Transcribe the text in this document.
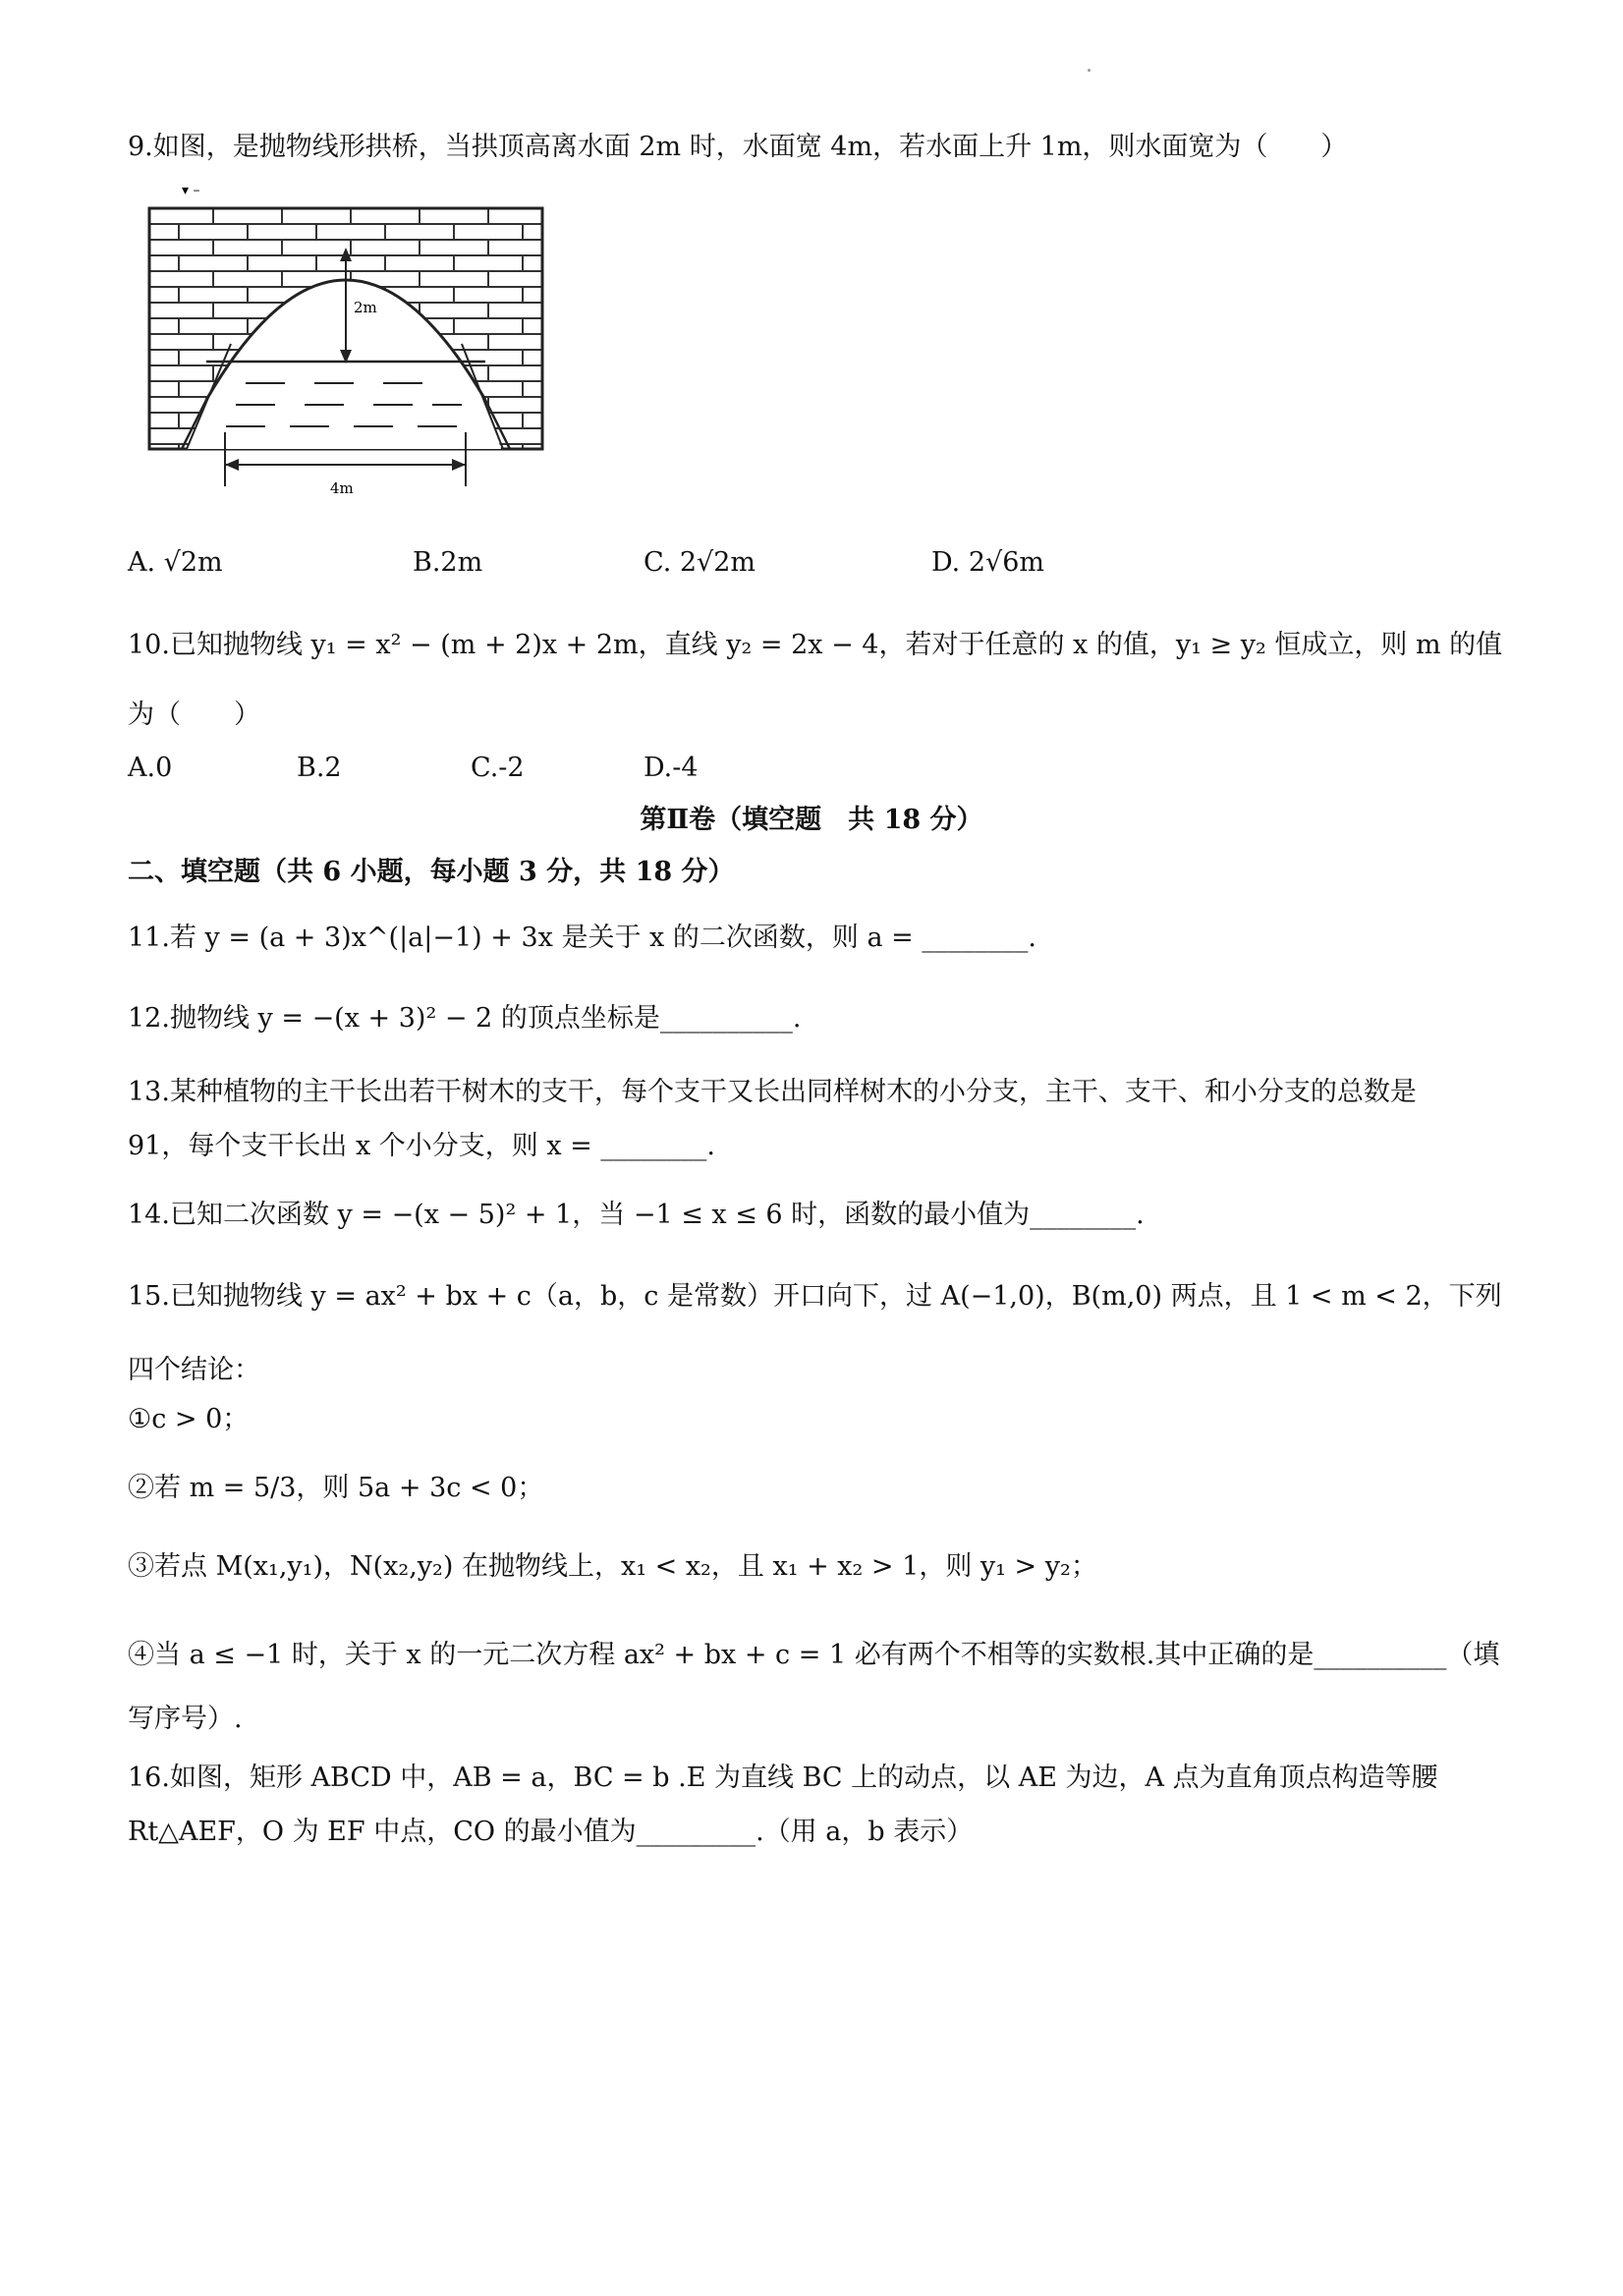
9.如图，是抛物线形拱桥，当拱顶高离水面 2m 时，水面宽 4m，若水面上升 1m，则水面宽为（　　）
▾ –
2m
4m
A. √2m	B.2m	C. 2√2m	D. 2√6m
10.已知抛物线 y₁ = x² − (m + 2)x + 2m，直线 y₂ = 2x − 4，若对于任意的 x 的值，y₁ ≥ y₂ 恒成立，则 m 的值
为（　　）
A.0	B.2	C.-2	D.-4
第Ⅱ卷（填空题　共 18 分）
二、填空题（共 6 小题，每小题 3 分，共 18 分）
11.若 y = (a + 3)x^(|a|−1) + 3x 是关于 x 的二次函数，则 a = ________.
12.抛物线 y = −(x + 3)² − 2 的顶点坐标是__________.
13.某种植物的主干长出若干树木的支干，每个支干又长出同样树木的小分支，主干、支干、和小分支的总数是
91，每个支干长出 x 个小分支，则 x = ________.
14.已知二次函数 y = −(x − 5)² + 1，当 −1 ≤ x ≤ 6 时，函数的最小值为________.
15.已知抛物线 y = ax² + bx + c（a，b，c 是常数）开口向下，过 A(−1,0)，B(m,0) 两点，且 1 < m < 2，下列
四个结论：
①c > 0；
②若 m = 5/3，则 5a + 3c < 0；
③若点 M(x₁,y₁)，N(x₂,y₂) 在抛物线上，x₁ < x₂，且 x₁ + x₂ > 1，则 y₁ > y₂；
④当 a ≤ −1 时，关于 x 的一元二次方程 ax² + bx + c = 1 必有两个不相等的实数根.其中正确的是__________（填
写序号）.
16.如图，矩形 ABCD 中，AB = a，BC = b .E 为直线 BC 上的动点，以 AE 为边，A 点为直角顶点构造等腰
Rt△AEF，O 为 EF 中点，CO 的最小值为_________.（用 a，b 表示）
